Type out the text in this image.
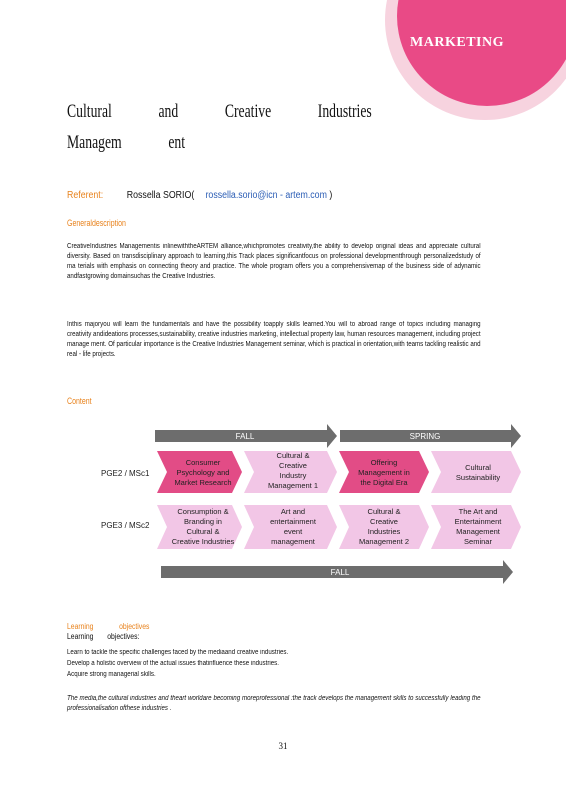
MARKETING
Cultural and Creative Industries
Managem ent
Referent: Rossella SORIO( rossella.sorio@icn - artem.com )
Generaldescription
CreativeIndustries Managementis inlinewiththeARTEM alliance,whichpromotes creativity,the ability to develop original ideas and appreciate cultural diversity. Based on transdisciplinary approach to learning,this Track places significantfocus on professional developmentthrough personalizedstudy of ma terials with emphasis on connecting theory and practice. The whole program offers you a comprehensivemap of the business side of adynamic andfastgrowing domainsuchas the Creative Industries.
Inthis majoryou will learn the fundamentals and have the possibility toapply skills learned.You will to abroad range of topics including managing creativity andideations processes,sustainability, creative industries marketing, intellectual property law, human resources management, including project manage ment. Of particular importance is the Creative Industries Management seminar, which is practical in orientation,with teams tackling realistic and real - life projects.
Content
FALL	SPRING
PGE2 / MSc1
PGE3 / MSc2
Consumer Psychology and Market Research
Cultural & Creative Industry Management 1
Offering Management in the Digital Era
Cultural Sustainability
Consumption & Branding in Cultural & Creative Industries
Art and entertainment event management
Cultural & Creative Industries Management 2
The Art and Entertainment Management Seminar
FALL
Learning objectives
Learning objectives:
Learn to tackle the specific challenges faced by the mediaand creative industries.
Develop a holistic overview of the actual issues thatinfluence these industries.
Acquire strong managerial skills.
The media,the cultural industries and theart worldare becoming moreprofessional :the track develops the management skills to successfully leading the professionalisation ofthese industries .
31
